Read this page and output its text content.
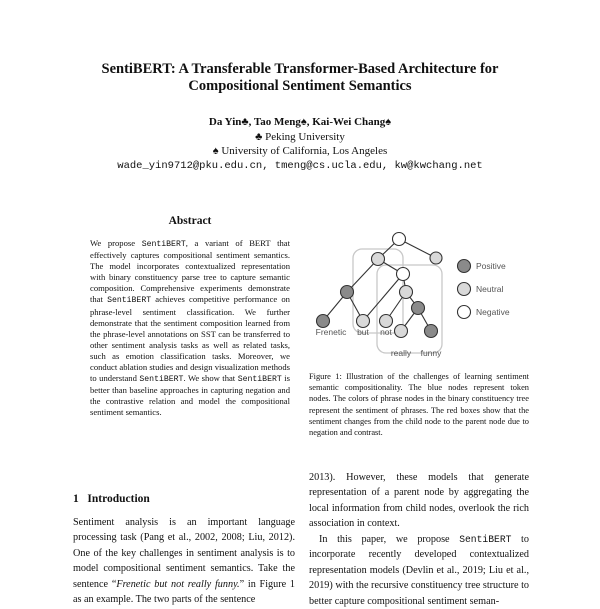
SentiBERT: A Transferable Transformer-Based Architecture for
Compositional Sentiment Semantics
Da Yin♣, Tao Meng♠, Kai-Wei Chang♠
♣ Peking University
♠ University of California, Los Angeles
wade_yin9712@pku.edu.cn, tmeng@cs.ucla.edu, kw@kwchang.net
Abstract
We propose SentiBERT, a variant of BERT that effectively captures compositional sentiment semantics. The model incorporates contextualized representation with binary constituency parse tree to capture semantic composition. Comprehensive experiments demonstrate that SentiBERT achieves competitive performance on phrase-level sentiment classification. We further demonstrate that the sentiment composition learned from the phrase-level annotations on SST can be transferred to other sentiment analysis tasks as well as related tasks, such as emotion classification tasks. Moreover, we conduct ablation studies and design visualization methods to understand SentiBERT. We show that SentiBERT is better than baseline approaches in capturing negation and the contrastive relation and model the compositional sentiment semantics.
1 Introduction
Sentiment analysis is an important language processing task (Pang et al., 2002, 2008; Liu, 2012). One of the key challenges in sentiment analysis is to model compositional sentiment semantics. Take the sentence “Frenetic but not really funny.” in Figure 1 as an example. The two parts of the sentence
Frenetic but not
really funny
Positive
Neutral
Negative
Figure 1: Illustration of the challenges of learning sentiment semantic compositionality. The blue nodes represent token nodes. The colors of phrase nodes in the binary constituency tree represent the sentiment of phrases. The red boxes show that the sentiment changes from the child node to the parent node due to negation and contrast.
2013). However, these models that generate representation of a parent node by aggregating the local information from child nodes, overlook the rich association in context.
In this paper, we propose SentiBERT to incorporate recently developed contextualized representation models (Devlin et al., 2019; Liu et al., 2019) with the recursive constituency tree structure to better capture compositional sentiment seman-
